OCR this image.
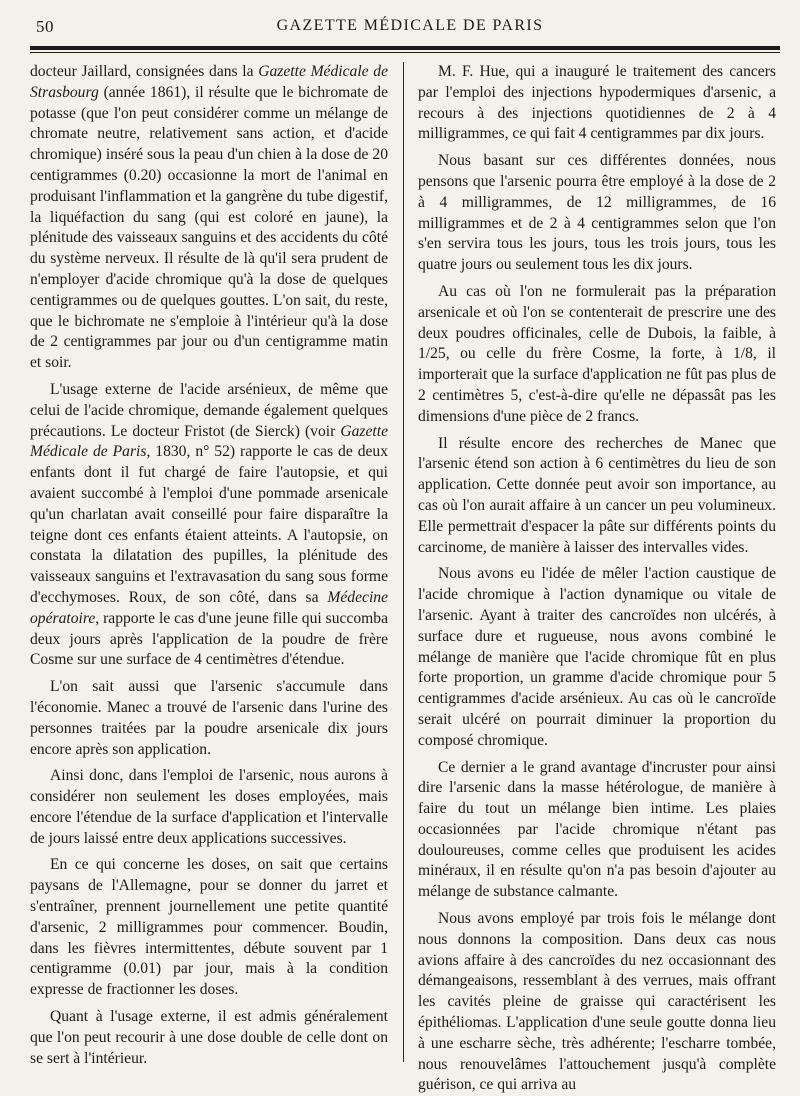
50	GAZETTE MÉDICALE DE PARIS

docteur Jaillard, consignées dans la Gazette Médicale de Strasbourg (année 1861), il résulte que le bichromate de potasse (que l'on peut considérer comme un mélange de chromate neutre, relativement sans action, et d'acide chromique) inséré sous la peau d'un chien à la dose de 20 centigrammes (0.20) occasionne la mort de l'animal en produisant l'inflammation et la gangrène du tube digestif, la liquéfaction du sang (qui est coloré en jaune), la plénitude des vaisseaux sanguins et des accidents du côté du système nerveux. Il résulte de là qu'il sera prudent de n'employer d'acide chromique qu'à la dose de quelques centigrammes ou de quelques gouttes. L'on sait, du reste, que le bichromate ne s'emploie à l'intérieur qu'à la dose de 2 centigrammes par jour ou d'un centigramme matin et soir.

L'usage externe de l'acide arsénieux, de même que celui de l'acide chromique, demande également quelques précautions. Le docteur Fristot (de Sierck) (voir Gazette Médicale de Paris, 1830, n° 52) rapporte le cas de deux enfants dont il fut chargé de faire l'autopsie, et qui avaient succombé à l'emploi d'une pommade arsenicale qu'un charlatan avait conseillé pour faire disparaître la teigne dont ces enfants étaient atteints. A l'autopsie, on constata la dilatation des pupilles, la plénitude des vaisseaux sanguins et l'extravasation du sang sous forme d'ecchymoses. Roux, de son côté, dans sa Médecine opératoire, rapporte le cas d'une jeune fille qui succomba deux jours après l'application de la poudre de frère Cosme sur une surface de 4 centimètres d'étendue.

L'on sait aussi que l'arsenic s'accumule dans l'économie. Manec a trouvé de l'arsenic dans l'urine des personnes traitées par la poudre arsenicale dix jours encore après son application.

Ainsi donc, dans l'emploi de l'arsenic, nous aurons à considérer non seulement les doses employées, mais encore l'étendue de la surface d'application et l'intervalle de jours laissé entre deux applications successives.

En ce qui concerne les doses, on sait que certains paysans de l'Allemagne, pour se donner du jarret et s'entraîner, prennent journellement une petite quantité d'arsenic, 2 milligrammes pour commencer. Boudin, dans les fièvres intermittentes, débute souvent par 1 centigramme (0.01) par jour, mais à la condition expresse de fractionner les doses.

Quant à l'usage externe, il est admis généralement que l'on peut recourir à une dose double de celle dont on se sert à l'intérieur.

M. F. Hue, qui a inauguré le traitement des cancers par l'emploi des injections hypodermiques d'arsenic, a recours à des injections quotidiennes de 2 à 4 milligrammes, ce qui fait 4 centigrammes par dix jours.

Nous basant sur ces différentes données, nous pensons que l'arsenic pourra être employé à la dose de 2 à 4 milligrammes, de 12 milligrammes, de 16 milligrammes et de 2 à 4 centigrammes selon que l'on s'en servira tous les jours, tous les trois jours, tous les quatre jours ou seulement tous les dix jours.

Au cas où l'on ne formulerait pas la préparation arsenicale et où l'on se contenterait de prescrire une des deux poudres officinales, celle de Dubois, la faible, à 1/25, ou celle du frère Cosme, la forte, à 1/8, il importerait que la surface d'application ne fût pas plus de 2 centimètres 5, c'est-à-dire qu'elle ne dépassât pas les dimensions d'une pièce de 2 francs.

Il résulte encore des recherches de Manec que l'arsenic étend son action à 6 centimètres du lieu de son application. Cette donnée peut avoir son importance, au cas où l'on aurait affaire à un cancer un peu volumineux. Elle permettrait d'espacer la pâte sur différents points du carcinome, de manière à laisser des intervalles vides.

Nous avons eu l'idée de mêler l'action caustique de l'acide chromique à l'action dynamique ou vitale de l'arsenic. Ayant à traiter des cancroïdes non ulcérés, à surface dure et rugueuse, nous avons combiné le mélange de manière que l'acide chromique fût en plus forte proportion, un gramme d'acide chromique pour 5 centigrammes d'acide arsénieux. Au cas où le cancroïde serait ulcéré on pourrait diminuer la proportion du composé chromique.

Ce dernier a le grand avantage d'incruster pour ainsi dire l'arsenic dans la masse hétérologue, de manière à faire du tout un mélange bien intime. Les plaies occasionnées par l'acide chromique n'étant pas douloureuses, comme celles que produisent les acides minéraux, il en résulte qu'on n'a pas besoin d'ajouter au mélange de substance calmante.

Nous avons employé par trois fois le mélange dont nous donnons la composition. Dans deux cas nous avions affaire à des cancroïdes du nez occasionnant des démangeaisons, ressemblant à des verrues, mais offrant les cavités pleine de graisse qui caractérisent les épithéliomas. L'application d'une seule goutte donna lieu à une escharre sèche, très adhérente; l'escharre tombée, nous renouvelâmes l'attouchement jusqu'à complète guérison, ce qui arriva au
